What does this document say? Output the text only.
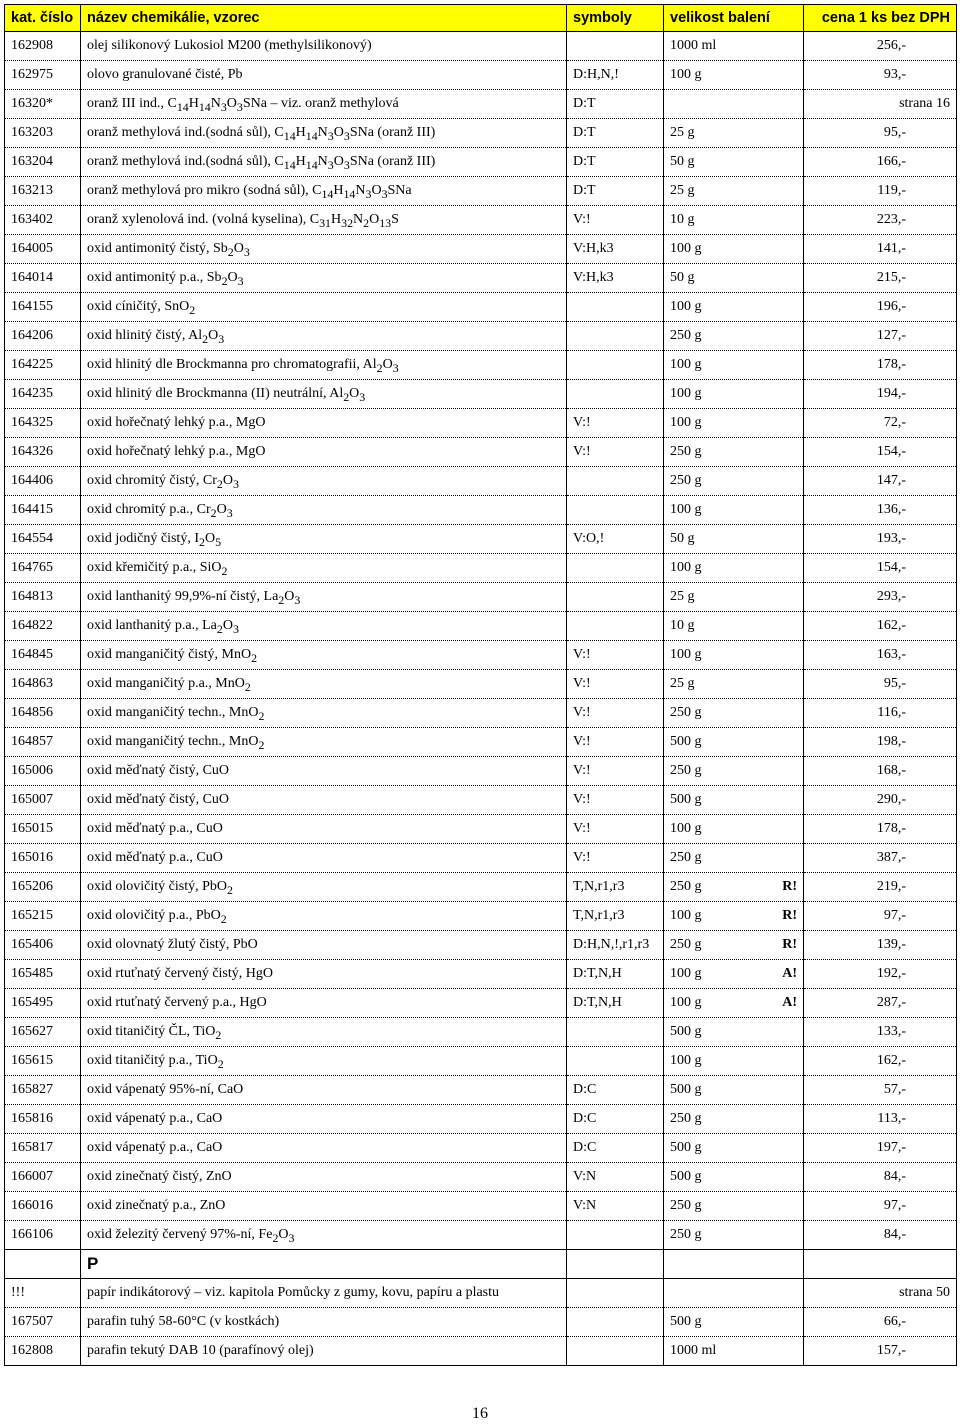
kat. číslo	název chemikálie, vzorec	symboly	velikost balení	cena 1 ks bez DPH
162908	olej silikonový Lukosiol M200 (methylsilikonový)		1000 ml	256,-
162975	olovo granulované čisté, Pb	D:H,N,!	100 g	93,-
16320*	oranž III ind., $C_{14}H_{14}N_3O_3SNa$ – viz. oranž methylová	D:T		strana 16
163203	oranž methylová ind.(sodná sůl), $C_{14}H_{14}N_3O_3SNa$ (oranž III)	D:T	25 g	95,-
163204	oranž methylová ind.(sodná sůl), $C_{14}H_{14}N_3O_3SNa$ (oranž III)	D:T	50 g	166,-
163213	oranž methylová pro mikro (sodná sůl), $C_{14}H_{14}N_3O_3SNa$	D:T	25 g	119,-
163402	oranž xylenolová ind. (volná kyselina), $C_{31}H_{32}N_2O_{13}S$	V:!	10 g	223,-
164005	oxid antimonitý čistý, $Sb_2O_3$	V:H,k3	100 g	141,-
164014	oxid antimonitý p.a., $Sb_2O_3$	V:H,k3	50 g	215,-
164155	oxid cíničitý, SnO$_2$		100 g	196,-
164206	oxid hlinitý čistý, $Al_2O_3$		250 g	127,-
164225	oxid hlinitý dle Brockmanna pro chromatografii, $Al_2O_3$		100 g	178,-
164235	oxid hlinitý dle Brockmanna (II) neutrální, $Al_2O_3$		100 g	194,-
164325	oxid hořečnatý lehký p.a., MgO	V:!	100 g	72,-
164326	oxid hořečnatý lehký p.a., MgO	V:!	250 g	154,-
164406	oxid chromitý čistý, $Cr_2O_3$		250 g	147,-
164415	oxid chromitý p.a., $Cr_2O_3$		100 g	136,-
164554	oxid jodičný čistý, $I_2O_5$	V:O,!	50 g	193,-
164765	oxid křemičitý p.a., SiO$_2$		100 g	154,-
164813	oxid lanthanitý 99,9%-ní čistý, $La_2O_3$		25 g	293,-
164822	oxid lanthanitý p.a., $La_2O_3$		10 g	162,-
164845	oxid manganičitý čistý, MnO$_2$	V:!	100 g	163,-
164863	oxid manganičitý p.a., MnO$_2$	V:!	25 g	95,-
164856	oxid manganičitý techn., MnO$_2$	V:!	250 g	116,-
164857	oxid manganičitý techn., MnO$_2$	V:!	500 g	198,-
165006	oxid měďnatý čistý, CuO	V:!	250 g	168,-
165007	oxid měďnatý čistý, CuO	V:!	500 g	290,-
165015	oxid měďnatý p.a., CuO	V:!	100 g	178,-
165016	oxid měďnatý p.a., CuO	V:!	250 g	387,-
165206	oxid olovičitý čistý, PbO$_2$	T,N,r1,r3	250 g R!	219,-
165215	oxid olovičitý p.a., PbO$_2$	T,N,r1,r3	100 g R!	97,-
165406	oxid olovnatý žlutý čistý, PbO	D:H,N,!,r1,r3	250 g R!	139,-
165485	oxid rtuťnatý červený čistý, HgO	D:T,N,H	100 g A!	192,-
165495	oxid rtuťnatý červený p.a., HgO	D:T,N,H	100 g A!	287,-
165627	oxid titaničitý ČL, TiO$_2$		500 g	133,-
165615	oxid titaničitý p.a., TiO$_2$		100 g	162,-
165827	oxid vápenatý 95%-ní, CaO	D:C	500 g	57,-
165816	oxid vápenatý p.a., CaO	D:C	250 g	113,-
165817	oxid vápenatý p.a., CaO	D:C	500 g	197,-
166007	oxid zinečnatý čistý, ZnO	V:N	500 g	84,-
166016	oxid zinečnatý p.a., ZnO	V:N	250 g	97,-
166106	oxid železitý červený 97%-ní, $Fe_2O_3$		250 g	84,-
	P			
!!!	papír indikátorový – viz. kapitola Pomůcky z gumy, kovu, papíru a plastu			strana 50
167507	parafin tuhý 58-60°C (v kostkách)		500 g	66,-
162808	parafin tekutý DAB 10 (parafínový olej)		1000 ml	157,-
16
